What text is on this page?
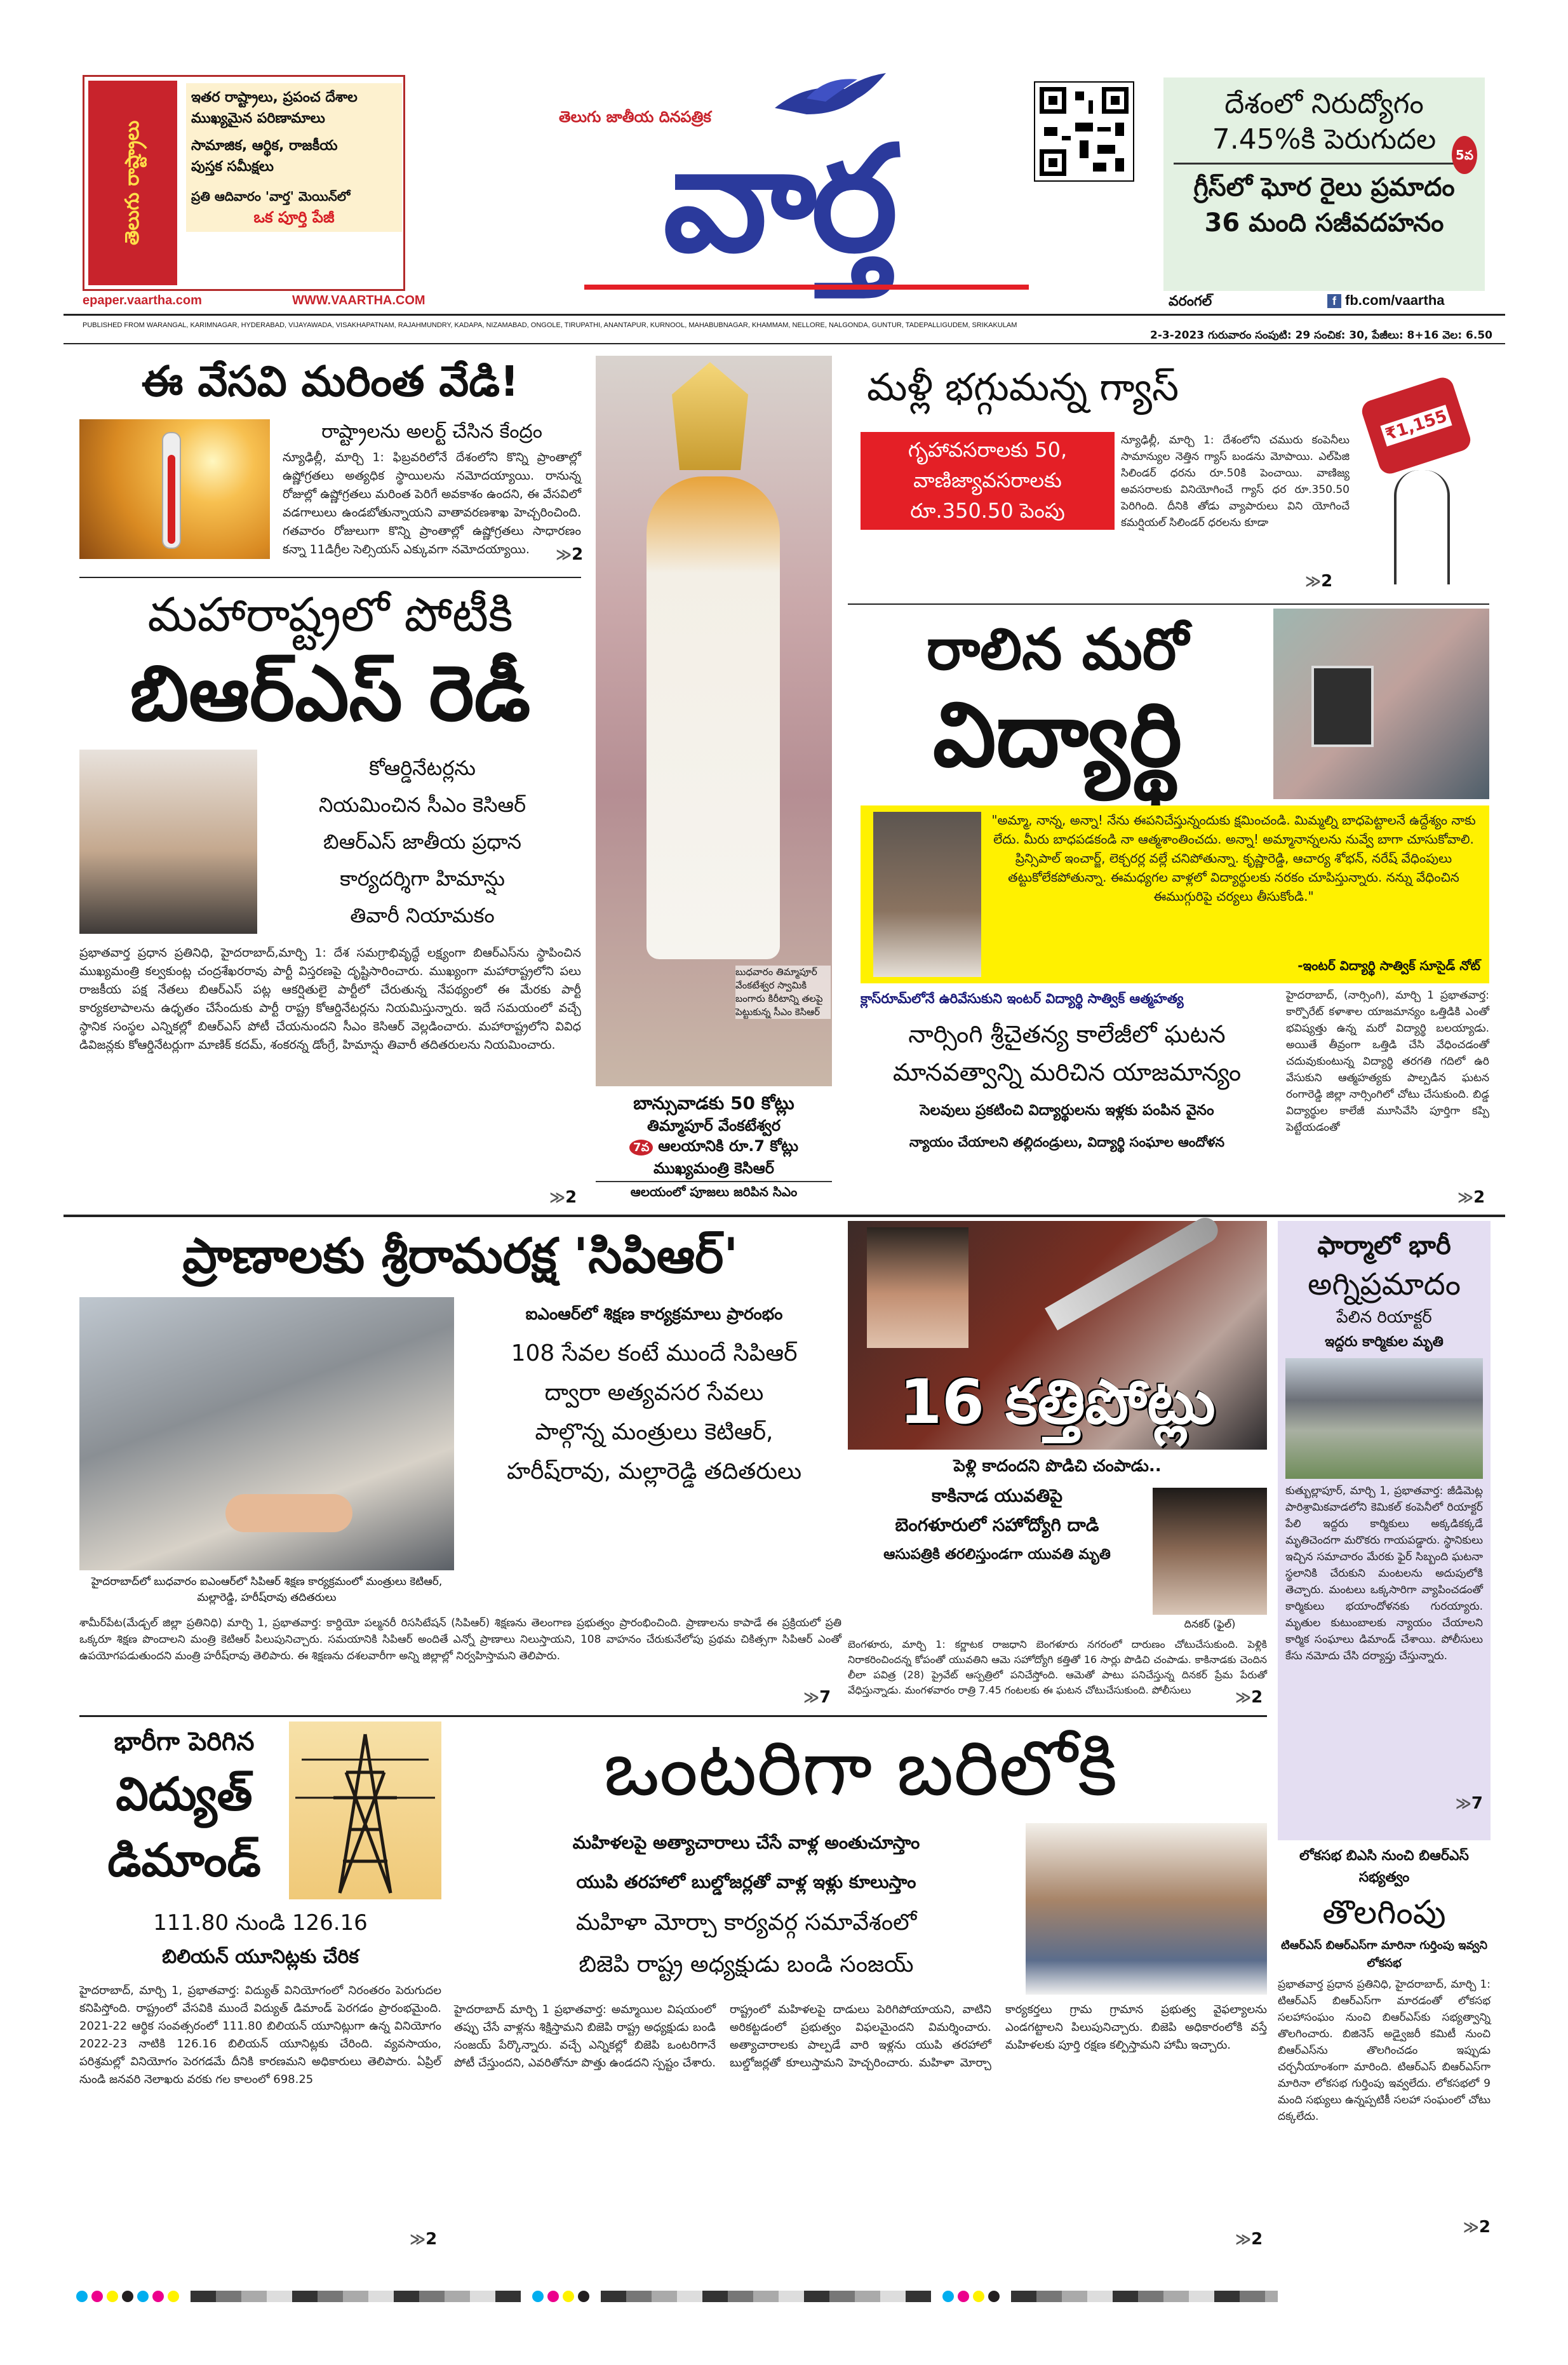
తెలుగు రాష్ట్రాలు
ఇతర రాష్ట్రాలు, ప్రపంచ దేశాల
ముఖ్యమైన పరిణామాలు
సామాజిక, ఆర్థిక, రాజకీయ
పుస్తక సమీక్షలు
ప్రతి ఆదివారం 'వార్త' మెయిన్‌లో
ఒక పూర్తి పేజీ
epaper.vaartha.com	WWW.VAARTHA.COM
తెలుగు జాతీయ దినపత్రిక
వార్త
దేశంలో నిరుద్యోగం
7.45%కి పెరుగుదల	5వ
గ్రీస్‌లో ఘోర రైలు ప్రమాదం
36 మంది సజీవదహనం
వరంగల్	f fb.com/vaartha
PUBLISHED FROM WARANGAL, KARIMNAGAR, HYDERABAD, VIJAYAWADA, VISAKHAPATNAM, RAJAHMUNDRY, KADAPA, NIZAMABAD, ONGOLE, TIRUPATHI, ANANTAPUR, KURNOOL, MAHABUBNAGAR, KHAMMAM, NELLORE, NALGONDA, GUNTUR, TADEPALLIGUDEM, SRIKAKULAM
2-3-2023 గురువారం సంపుటి: 29 సంచిక: 30, పేజీలు: 8+16 వెల: 6.50
ఈ వేసవి మరింత వేడి!
రాష్ట్రాలను అలర్ట్‌ చేసిన కేంద్రం
న్యూఢిల్లీ, మార్చి 1: ఫిబ్రవరిలోనే దేశంలోని కొన్ని ప్రాంతాల్లో ఉష్ణోగ్రతలు అత్యధిక స్థాయిలను నమోదయ్యాయి. రానున్న రోజుల్లో ఉష్ణోగ్రతలు మరింత పెరిగే అవకాశం ఉందని, ఈ వేసవిలో వడగాలులు ఉండబోతున్నాయని వాతావరణశాఖ హెచ్చరించింది. గతవారం రోజులుగా కొన్ని ప్రాంతాల్లో ఉష్ణోగ్రతలు సాధారణం కన్నా 11డిగ్రీల సెల్సియస్‌ ఎక్కువగా నమోదయ్యాయి.	≫2
బుధవారం తిమ్మాపూర్‌ వేంకటేశ్వర స్వామికి బంగారు కిరీటాన్ని తలపై పెట్టుకున్న సీఎం కెసిఆర్‌
బాన్సువాడకు 50 కోట్లు
తిమ్మాపూర్‌ వేంకటేశ్వర
7వ ఆలయానికి రూ.7 కోట్లు
ముఖ్యమంత్రి కెసిఆర్‌
ఆలయంలో పూజలు జరిపిన సిఎం
మహారాష్ట్రలో పోటీకి
బిఆర్‌ఎస్‌ రెడీ
కోఆర్డినేటర్లను
నియమించిన సీఎం కెసిఆర్‌
బిఆర్‌ఎస్‌ జాతీయ ప్రధాన
కార్యదర్శిగా హిమాన్షు
తివారీ నియామకం
ప్రభాతవార్త ప్రధాన ప్రతినిధి, హైదరాబాద్‌,మార్చి 1: దేశ సమగ్రాభివృద్ధే లక్ష్యంగా బిఆర్‌ఎస్‌ను స్థాపించిన ముఖ్యమంత్రి కల్వకుంట్ల చంద్రశేఖరరావు పార్టీ విస్తరణపై దృష్టిసారించారు. ముఖ్యంగా మహారాష్ట్రలోని పలు రాజకీయ పక్ష నేతలు బిఆర్‌ఎస్‌ పట్ల ఆకర్షితులై పార్టీలో చేరుతున్న నేపథ్యంలో ఈ మేరకు పార్టీ కార్యకలాపాలను ఉధృతం చేసేందుకు పార్టీ రాష్ట్ర కోఆర్డినేటర్లను నియమిస్తున్నారు. ఇదే సమయంలో వచ్చే స్థానిక సంస్థల ఎన్నికల్లో బిఆర్‌ఎస్‌ పోటీ చేయనుందని సీఎం కెసిఆర్‌ వెల్లడించారు. మహారాష్ట్రలోని వివిధ డివిజన్లకు కోఆర్డినేటర్లుగా మాణిక్‌ కదమ్‌, శంకరన్న డోంగ్రే, హిమాన్షు తివారీ తదితరులను నియమించారు.
≫2
మళ్లీ భగ్గుమన్న గ్యాస్‌
గృహావసరాలకు 50,
వాణిజ్యావసరాలకు
రూ.350.50 పెంపు
న్యూఢిల్లీ, మార్చి 1: దేశంలోని చమురు కంపెనీలు సామాన్యుల నెత్తిన గ్యాస్‌ బండను మోపాయి. ఎల్‌పిజి సిలిండర్‌ ధరను రూ.50కి పెంచాయి. వాణిజ్య అవసరాలకు వినియోగించే గ్యాస్‌ ధర రూ.350.50 పెరిగింది. దీనికి తోడు వ్యాపారులు విని యోగించే కమర్షియల్‌ సిలిండర్‌ ధరలను కూడా
₹1,155
≫2
రాలిన మరో
విద్యార్థి
"అమ్మా, నాన్న, అన్నా! నేను ఈపనిచేస్తున్నందుకు క్షమించండి. మిమ్మల్ని బాధపెట్టాలనే ఉద్దేశ్యం నాకు లేదు. మీరు బాధపడకండి నా ఆత్మశాంతించదు. అన్నా! అమ్మానాన్నలను నువ్వే బాగా చూసుకోవాలి. ప్రిన్సిపాల్‌ ఇంచార్జ్‌, లెక్చరర్ల వల్లే చనిపోతున్నా. కృష్ణారెడ్డి, ఆచార్య శోభన్‌, నరేష్‌ వేధింపులు తట్టుకోలేకపోతున్నా. ఈమధ్యగల వాళ్లలో విద్యార్థులకు నరకం చూపిస్తున్నారు. నన్ను వేధించిన ఈముగ్గురిపై చర్యలు తీసుకోండి."
-ఇంటర్‌ విద్యార్థి సాత్విక్‌ సూసైడ్‌ నోట్‌
క్లాస్‌రూమ్‌లోనే ఉరివేసుకుని ఇంటర్‌ విద్యార్థి సాత్విక్‌ ఆత్మహత్య
నార్సింగి శ్రీచైతన్య కాలేజీలో ఘటన
మానవత్వాన్ని మరిచిన యాజమాన్యం
సెలవులు ప్రకటించి విద్యార్థులను ఇళ్లకు పంపిన వైనం
న్యాయం చేయాలని తల్లిదండ్రులు, విద్యార్థి సంఘాల ఆందోళన
హైదరాబాద్‌, (నార్సింగి), మార్చి 1 ప్రభాతవార్త: కార్పొరేట్‌ కళాశాల యాజమాన్యం ఒత్తిడికి ఎంతో భవిష్యత్తు ఉన్న మరో విద్యార్థి బలయ్యాడు. అయితే తీవ్రంగా ఒత్తిడి చేసి వేధించడంతో చదువుకుంటున్న విద్యార్థి తరగతి గదిలో ఉరి వేసుకుని ఆత్మహత్యకు పాల్పడిన ఘటన రంగారెడ్డి జిల్లా నార్సింగిలో చోటు చేసుకుంది. బిడ్డ విద్యార్థుల కాలేజీ మూసివేసి పూర్తిగా కప్పి పెట్టేయడంతో
≫2
ప్రాణాలకు శ్రీరామరక్ష 'సిపిఆర్‌'
హైదరాబాద్‌లో బుధవారం ఐఎంఆర్‌లో సిపిఆర్‌ శిక్షణ కార్యక్రమంలో మంత్రులు కెటిఆర్‌, మల్లారెడ్డి, హరీష్‌రావు తదితరులు
ఐఎంఆర్‌లో శిక్షణ కార్యక్రమాలు ప్రారంభం
108 సేవల కంటే ముందే సిపిఆర్‌
ద్వారా అత్యవసర సేవలు
పాల్గొన్న మంత్రులు కెటిఆర్‌,
హరీష్‌రావు, మల్లారెడ్డి తదితరులు
శామీర్‌పేట(మేడ్చల్‌ జిల్లా ప్రతినిధి) మార్చి 1, ప్రభాతవార్త: కార్డియో పల్మనరీ రిససిటేషన్‌ (సిపిఆర్‌) శిక్షణను తెలంగాణ ప్రభుత్వం ప్రారంభించింది. ప్రాణాలను కాపాడే ఈ ప్రక్రియలో ప్రతి ఒక్కరూ శిక్షణ పొందాలని మంత్రి కెటిఆర్‌ పిలుపునిచ్చారు. సమయానికి సిపిఆర్‌ అందితే ఎన్నో ప్రాణాలు నిలుస్తాయని, 108 వాహనం చేరుకునేలోపు ప్రథమ చికిత్సగా సిపిఆర్‌ ఎంతో ఉపయోగపడుతుందని మంత్రి హరీష్‌రావు తెలిపారు. ఈ శిక్షణను దశలవారీగా అన్ని జిల్లాల్లో నిర్వహిస్తామని తెలిపారు.
≫7
16 కత్తిపోట్లు
పెళ్లి కాదందని పొడిచి చంపాడు..
కాకినాడ యువతిపై
బెంగళూరులో సహోద్యోగి దాడి
ఆసుపత్రికి తరలిస్తుండగా యువతి మృతి
దినకర్‌ (ఫైల్‌)
బెంగళూరు, మార్చి 1: కర్ణాటక రాజధాని బెంగళూరు నగరంలో దారుణం చోటుచేసుకుంది. పెళ్లికి నిరాకరించిందన్న కోపంతో యువతిని ఆమె సహోద్యోగి కత్తితో 16 సార్లు పొడిచి చంపాడు. కాకినాడకు చెందిన లీలా పవిత్ర (28) ప్రైవేట్‌ ఆస్పత్రిలో పనిచేస్తోంది. ఆమెతో పాటు పనిచేస్తున్న దినకర్‌ ప్రేమ పేరుతో వేధిస్తున్నాడు. మంగళవారం రాత్రి 7.45 గంటలకు ఈ ఘటన చోటుచేసుకుంది. పోలీసులు	≫2
ఫార్మాలో భారీ
అగ్నిప్రమాదం
పేలిన రియాక్టర్‌
ఇద్దరు కార్మికుల మృతి
కుత్బుల్లాపూర్‌, మార్చి 1, ప్రభాతవార్త: జీడిమెట్ల పారిశ్రామికవాడలోని కెమికల్‌ కంపెనీలో రియాక్టర్‌ పేలి ఇద్దరు కార్మికులు అక్కడికక్కడే మృతిచెందగా మరొకరు గాయపడ్డారు. స్థానికులు ఇచ్చిన సమాచారం మేరకు ఫైర్‌ సిబ్బంది ఘటనా స్థలానికి చేరుకుని మంటలను అదుపులోకి తెచ్చారు. మంటలు ఒక్కసారిగా వ్యాపించడంతో కార్మికులు భయాందోళనకు గురయ్యారు. మృతుల కుటుంబాలకు న్యాయం చేయాలని కార్మిక సంఘాలు డిమాండ్‌ చేశాయి. పోలీసులు కేసు నమోదు చేసి దర్యాప్తు చేస్తున్నారు.
≫7
భారీగా పెరిగిన
విద్యుత్‌
డిమాండ్‌
111.80 నుండి 126.16
బిలియన్‌ యూనిట్లకు చేరిక
హైదరాబాద్‌, మార్చి 1, ప్రభాతవార్త: విద్యుత్‌ వినియోగంలో నిరంతరం పెరుగుదల కనిపిస్తోంది. రాష్ట్రంలో వేసవికి ముందే విద్యుత్‌ డిమాండ్‌ పెరగడం ప్రారంభమైంది. 2021-22 ఆర్థిక సంవత్సరంలో 111.80 బిలియన్‌ యూనిట్లుగా ఉన్న వినియోగం 2022-23 నాటికి 126.16 బిలియన్‌ యూనిట్లకు చేరింది. వ్యవసాయం, పరిశ్రమల్లో వినియోగం పెరగడమే దీనికి కారణమని అధికారులు తెలిపారు. ఏప్రిల్‌ నుండి జనవరి నెలాఖరు వరకు గల కాలంలో 698.25
≫2
ఒంటరిగా బరిలోకి
మహిళలపై అత్యాచారాలు చేసే వాళ్ల అంతుచూస్తాం
యుపి తరహాలో బుల్డోజర్లతో వాళ్ల ఇళ్లు కూలుస్తాం
మహిళా మోర్చా కార్యవర్గ సమావేశంలో
బిజెపి రాష్ట్ర అధ్యక్షుడు బండి సంజయ్‌
హైదరాబాద్‌ మార్చి 1 ప్రభాతవార్త: అమ్మాయిల విషయంలో తప్పు చేసే వాళ్లను శిక్షిస్తామని బిజెపి రాష్ట్ర అధ్యక్షుడు బండి సంజయ్‌ పేర్కొన్నారు. వచ్చే ఎన్నికల్లో బిజెపి ఒంటరిగానే పోటీ చేస్తుందని, ఎవరితోనూ పొత్తు ఉండదని స్పష్టం చేశారు. రాష్ట్రంలో మహిళలపై దాడులు పెరిగిపోయాయని, వాటిని అరికట్టడంలో ప్రభుత్వం విఫలమైందని విమర్శించారు. అత్యాచారాలకు పాల్పడే వారి ఇళ్లను యుపి తరహాలో బుల్డోజర్లతో కూలుస్తామని హెచ్చరించారు. మహిళా మోర్చా కార్యకర్తలు గ్రామ గ్రామాన ప్రభుత్వ వైఫల్యాలను ఎండగట్టాలని పిలుపునిచ్చారు. బిజెపి అధికారంలోకి వస్తే మహిళలకు పూర్తి రక్షణ కల్పిస్తామని హామీ ఇచ్చారు.
≫2
లోకసభ బిఎసి నుంచి బిఆర్‌ఎస్‌ సభ్యత్వం
తొలగింపు
టిఆర్‌ఎస్‌ బిఆర్‌ఎస్‌గా మారినా గుర్తింపు ఇవ్వని లోకసభ
ప్రభాతవార్త ప్రధాన ప్రతినిధి, హైదరాబాద్‌, మార్చి 1: టిఆర్‌ఎస్‌ బిఆర్‌ఎస్‌గా మారడంతో లోకసభ సలహాసంఘం నుంచి బిఆర్‌ఎస్‌కు సభ్యత్వాన్ని తొలగించారు. బిజినెస్‌ అడ్వైజరీ కమిటీ నుంచి బిఆర్‌ఎస్‌ను తొలగించడం ఇప్పుడు చర్చనీయాంశంగా మారింది. టిఆర్‌ఎస్‌ బిఆర్‌ఎస్‌గా మారినా లోకసభ గుర్తింపు ఇవ్వలేదు. లోకసభలో 9 మంది సభ్యులు ఉన్నప్పటికీ సలహా సంఘంలో చోటు దక్కలేదు.
≫2
